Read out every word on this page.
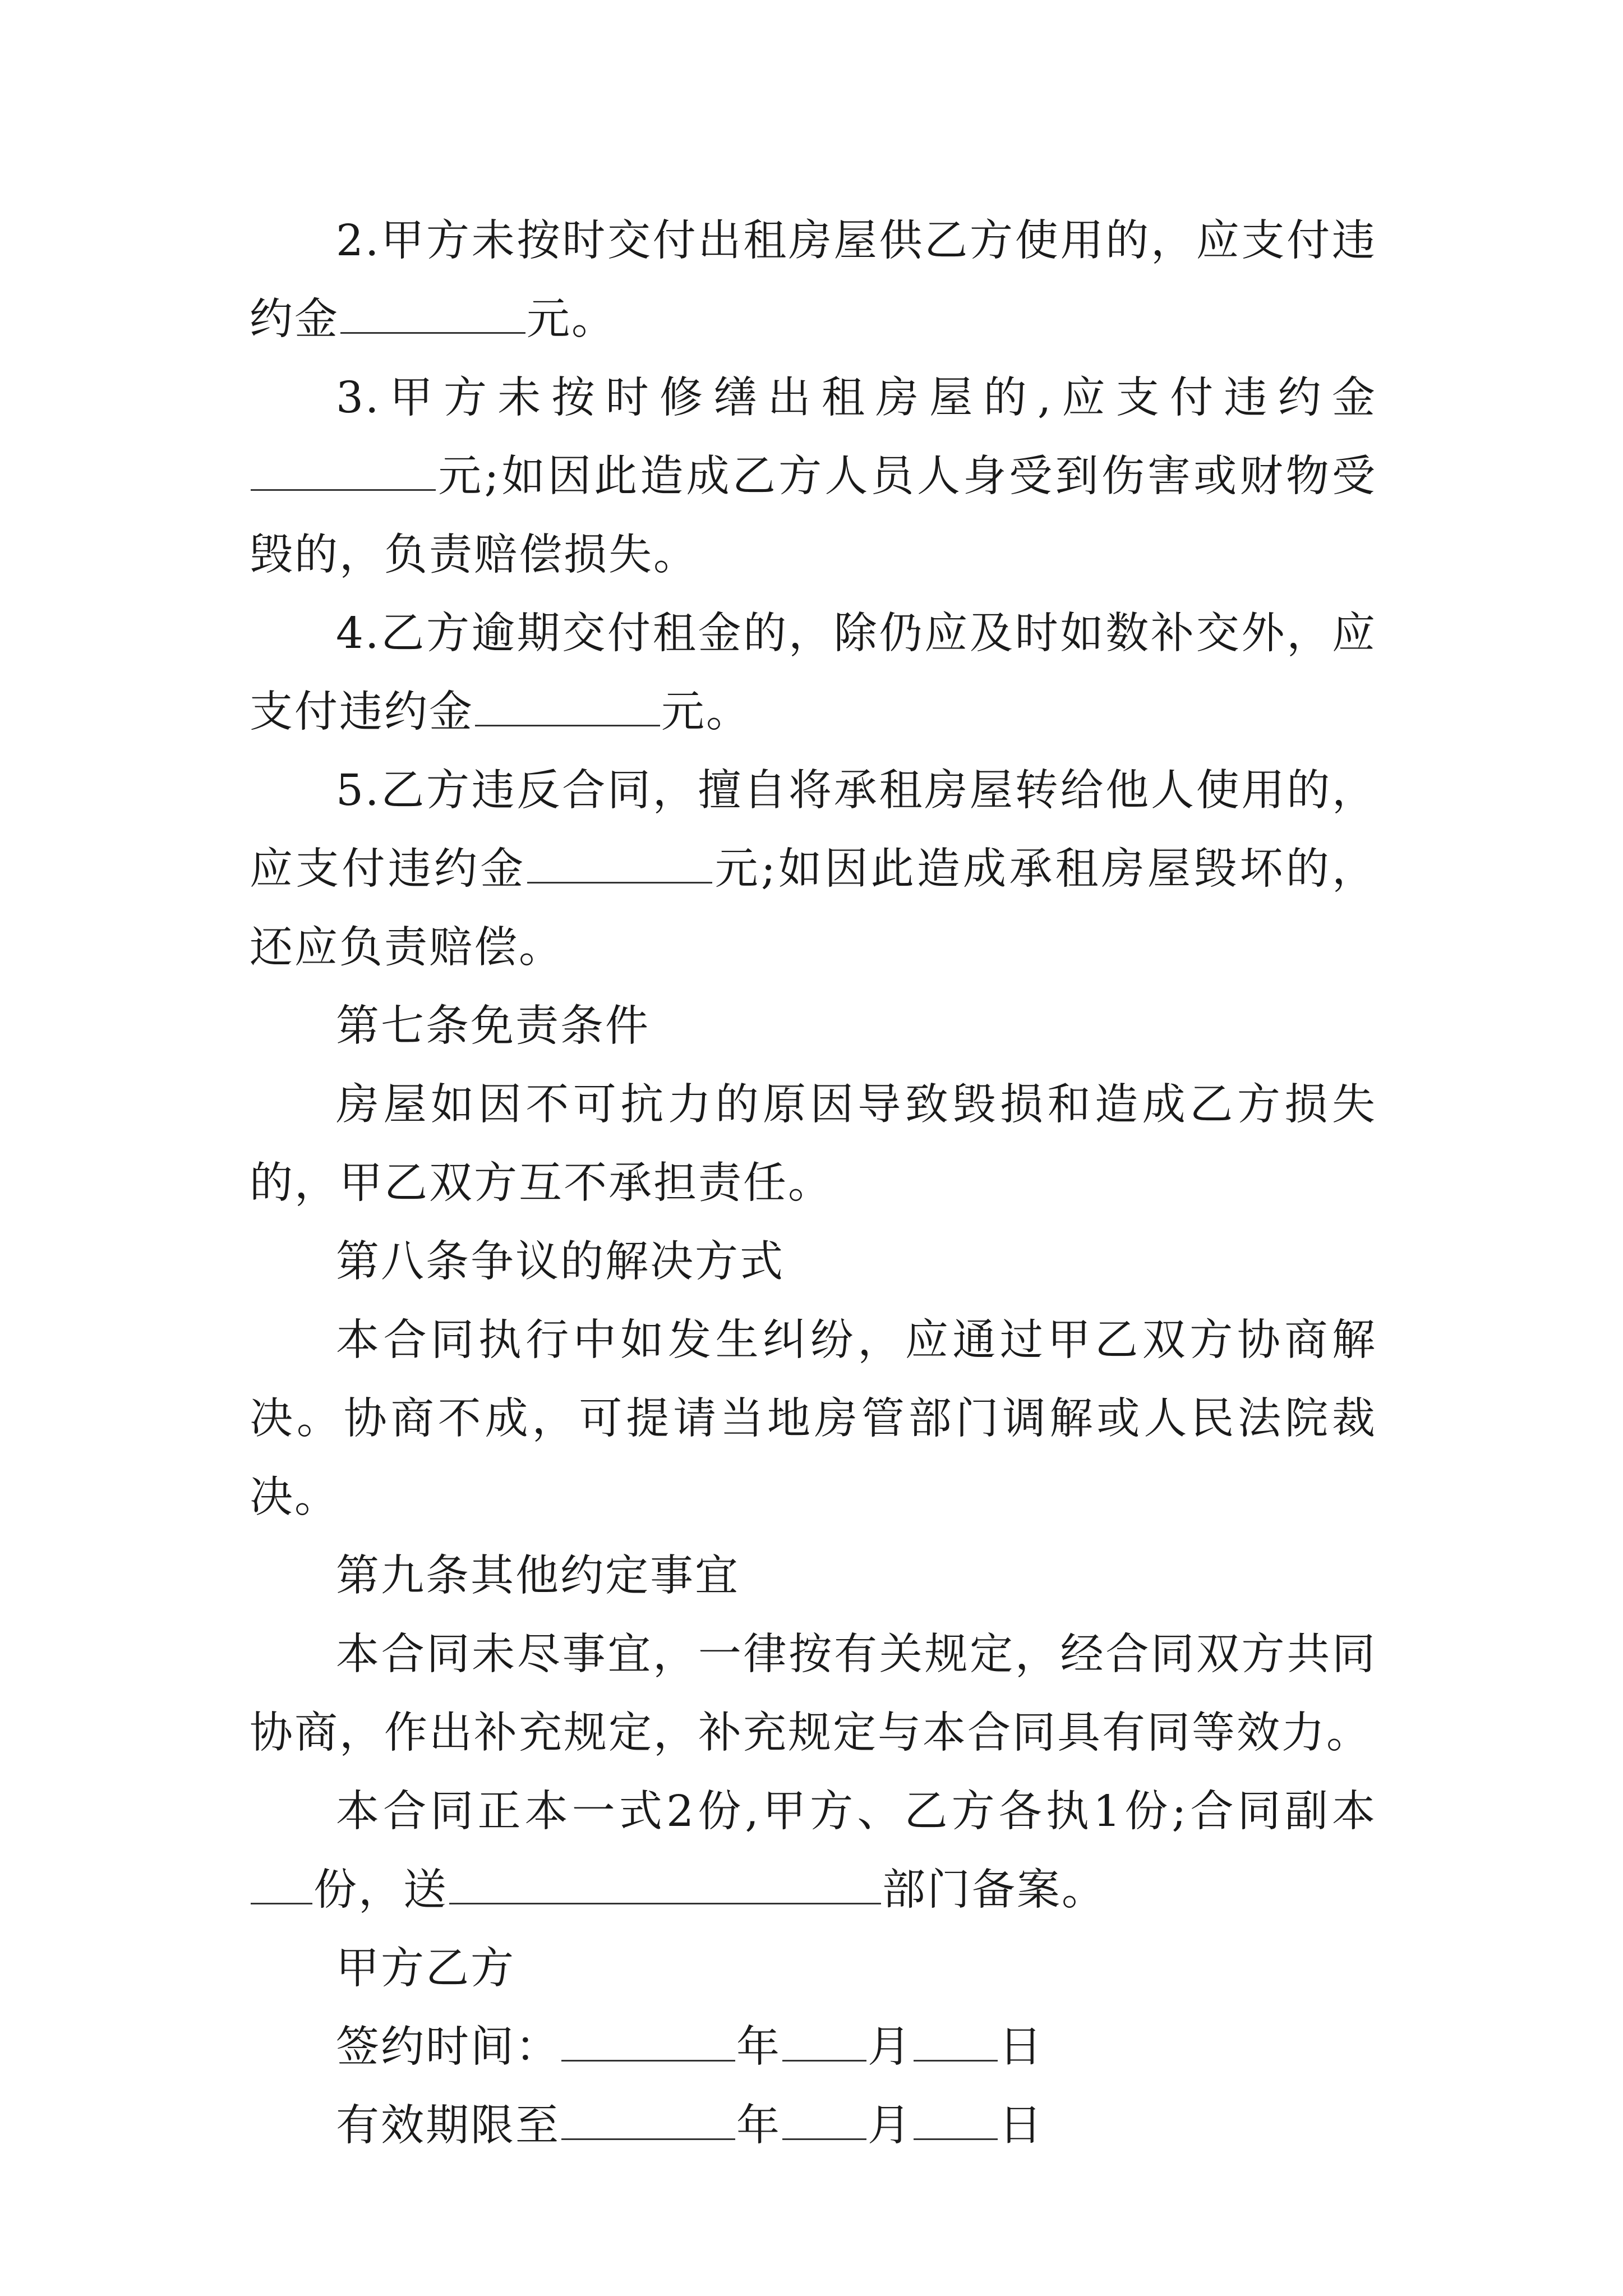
2.甲方未按时交付出租房屋供乙方使用的，应支付违约金	元。

3.甲方未按时修缮出租房屋的,应支付违约金元;如因此造成乙方人员人身受到伤害或财物受毁的，负责赔偿损失。

4.乙方逾期交付租金的，除仍应及时如数补交外，应支付违约金	元。

5.乙方违反合同，擅自将承租房屋转给他人使用的，应支付违约金	元;如因此造成承租房屋毁坏的，还应负责赔偿。

第七条免责条件

房屋如因不可抗力的原因导致毁损和造成乙方损失的，甲乙双方互不承担责任。

第八条争议的解决方式

本合同执行中如发生纠纷，应通过甲乙双方协商解决。协商不成，可提请当地房管部门调解或人民法院裁决。

第九条其他约定事宜

本合同未尽事宜，一律按有关规定，经合同双方共同协商，作出补充规定，补充规定与本合同具有同等效力。

本合同正本一式2份,甲方、乙方各执1份;合同副本份，送	部门备案。

甲方乙方

签约时间：	年 月 日

有效期限至	年 月 日
